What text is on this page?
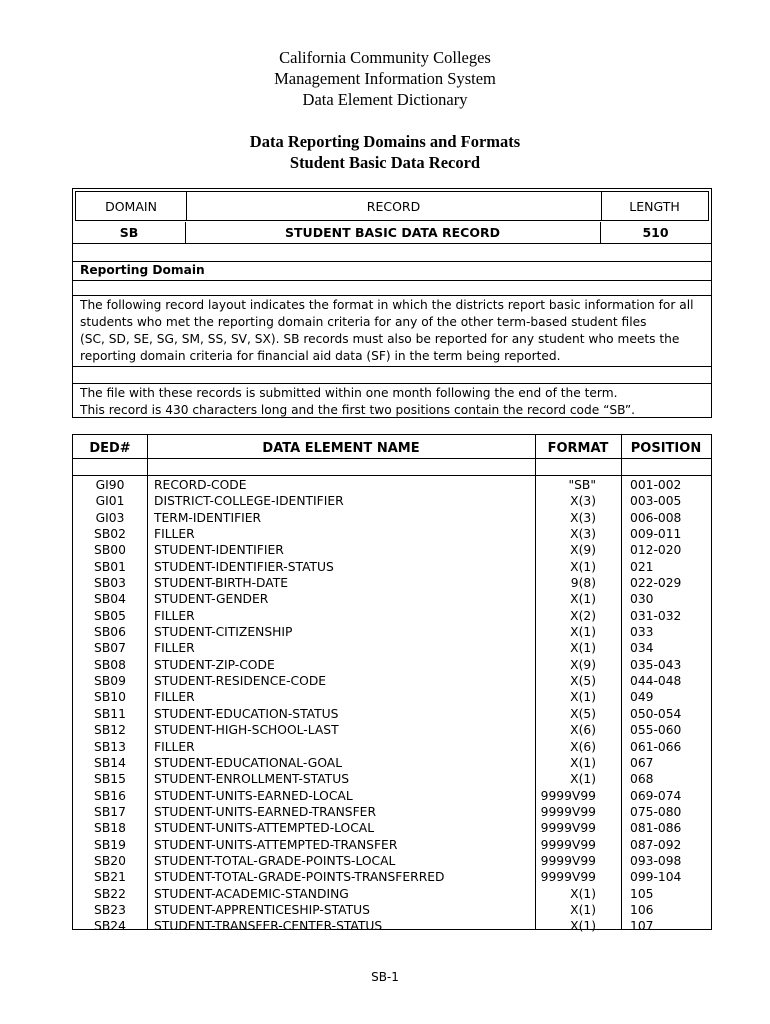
California Community Colleges
Management Information System
Data Element Dictionary
Data Reporting Domains and Formats
Student Basic Data Record
DOMAIN	RECORD	LENGTH
SB	STUDENT BASIC DATA RECORD	510
Reporting Domain
The following record layout indicates the format in which the districts report basic information for all
students who met the reporting domain criteria for any of the other term-based student files
(SC, SD, SE, SG, SM, SS, SV, SX). SB records must also be reported for any student who meets the
reporting domain criteria for financial aid data (SF) in the term being reported.
The file with these records is submitted within one month following the end of the term.
This record is 430 characters long and the first two positions contain the record code “SB”.
DED#	DATA ELEMENT NAME	FORMAT	POSITION
GI90	RECORD-CODE	"SB"	001-002
GI01	DISTRICT-COLLEGE-IDENTIFIER	X(3)	003-005
GI03	TERM-IDENTIFIER	X(3)	006-008
SB02	FILLER	X(3)	009-011
SB00	STUDENT-IDENTIFIER	X(9)	012-020
SB01	STUDENT-IDENTIFIER-STATUS	X(1)	021
SB03	STUDENT-BIRTH-DATE	9(8)	022-029
SB04	STUDENT-GENDER	X(1)	030
SB05	FILLER	X(2)	031-032
SB06	STUDENT-CITIZENSHIP	X(1)	033
SB07	FILLER	X(1)	034
SB08	STUDENT-ZIP-CODE	X(9)	035-043
SB09	STUDENT-RESIDENCE-CODE	X(5)	044-048
SB10	FILLER	X(1)	049
SB11	STUDENT-EDUCATION-STATUS	X(5)	050-054
SB12	STUDENT-HIGH-SCHOOL-LAST	X(6)	055-060
SB13	FILLER	X(6)	061-066
SB14	STUDENT-EDUCATIONAL-GOAL	X(1)	067
SB15	STUDENT-ENROLLMENT-STATUS	X(1)	068
SB16	STUDENT-UNITS-EARNED-LOCAL	9999V99	069-074
SB17	STUDENT-UNITS-EARNED-TRANSFER	9999V99	075-080
SB18	STUDENT-UNITS-ATTEMPTED-LOCAL	9999V99	081-086
SB19	STUDENT-UNITS-ATTEMPTED-TRANSFER	9999V99	087-092
SB20	STUDENT-TOTAL-GRADE-POINTS-LOCAL	9999V99	093-098
SB21	STUDENT-TOTAL-GRADE-POINTS-TRANSFERRED	9999V99	099-104
SB22	STUDENT-ACADEMIC-STANDING	X(1)	105
SB23	STUDENT-APPRENTICESHIP-STATUS	X(1)	106
SB24	STUDENT-TRANSFER-CENTER-STATUS	X(1)	107
SB-1
